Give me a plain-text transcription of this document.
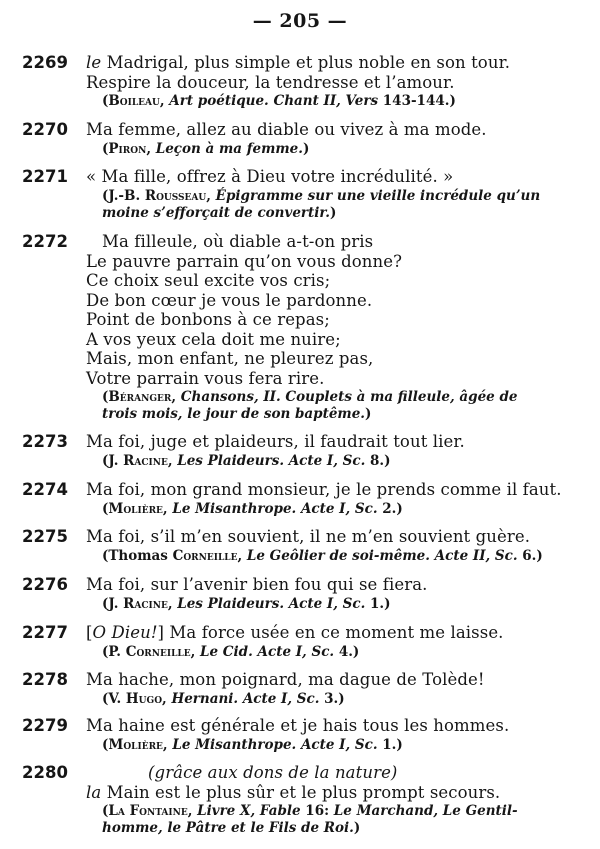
— 205 —
2269 le Madrigal, plus simple et plus noble en son tour.
Respire la douceur, la tendresse et l’amour.
(Boileau, Art poétique. Chant II, Vers 143-144.)
2270 Ma femme, allez au diable ou vivez à ma mode.
(Piron, Leçon à ma femme.)
2271 « Ma fille, offrez à Dieu votre incrédulité. »
(J.-B. Rousseau, Épigramme sur une vieille incrédule qu’un
moine s’efforçait de convertir.)
2272 Ma filleule, où diable a-t-on pris
Le pauvre parrain qu’on vous donne?
Ce choix seul excite vos cris;
De bon cœur je vous le pardonne.
Point de bonbons à ce repas;
A vos yeux cela doit me nuire;
Mais, mon enfant, ne pleurez pas,
Votre parrain vous fera rire.
(Béranger, Chansons, II. Couplets à ma filleule, âgée de
trois mois, le jour de son baptême.)
2273 Ma foi, juge et plaideurs, il faudrait tout lier.
(J. Racine, Les Plaideurs. Acte I, Sc. 8.)
2274 Ma foi, mon grand monsieur, je le prends comme il faut.
(Molière, Le Misanthrope. Acte I, Sc. 2.)
2275 Ma foi, s’il m’en souvient, il ne m’en souvient guère.
(Thomas Corneille, Le Geôlier de soi-même. Acte II, Sc. 6.)
2276 Ma foi, sur l’avenir bien fou qui se fiera.
(J. Racine, Les Plaideurs. Acte I, Sc. 1.)
2277 [O Dieu!] Ma force usée en ce moment me laisse.
(P. Corneille, Le Cid. Acte I, Sc. 4.)
2278 Ma hache, mon poignard, ma dague de Tolède!
(V. Hugo, Hernani. Acte I, Sc. 3.)
2279 Ma haine est générale et je hais tous les hommes.
(Molière, Le Misanthrope. Acte I, Sc. 1.)
2280	(grâce aux dons de la nature)
la Main est le plus sûr et le plus prompt secours.
(La Fontaine, Livre X, Fable 16: Le Marchand, Le Gentil-
homme, le Pâtre et le Fils de Roi.)
